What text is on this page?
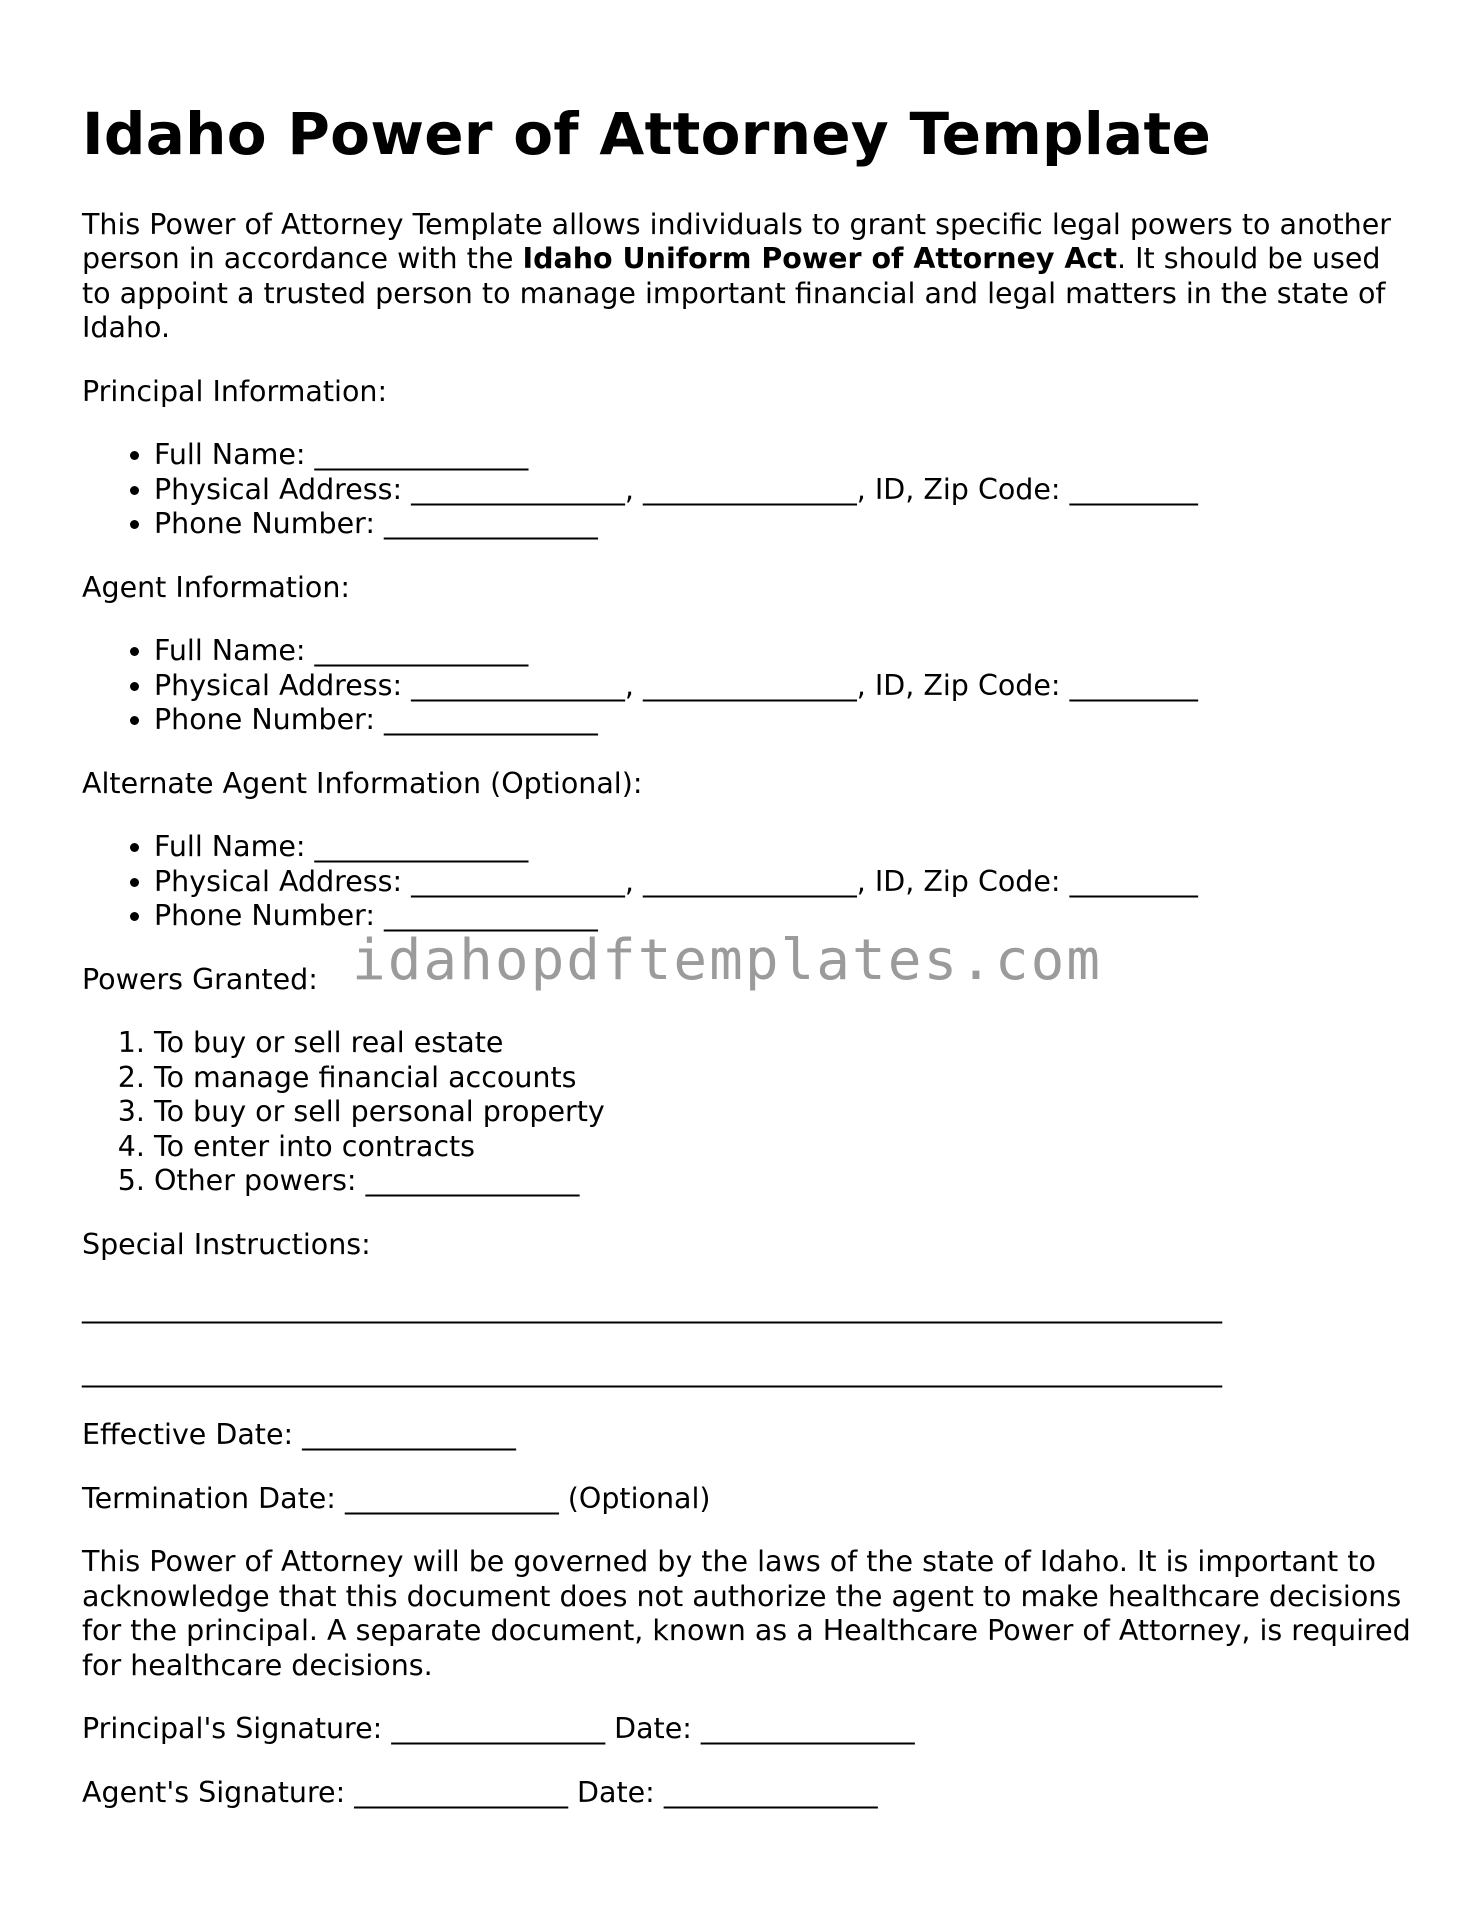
Idaho Power of Attorney Template

This Power of Attorney Template allows individuals to grant specific legal powers to another person in accordance with the Idaho Uniform Power of Attorney Act. It should be used to appoint a trusted person to manage important financial and legal matters in the state of Idaho.

Principal Information:

• Full Name: _______________
• Physical Address: _______________, _______________, ID, Zip Code: _________
• Phone Number: _______________

Agent Information:

• Full Name: _______________
• Physical Address: _______________, _______________, ID, Zip Code: _________
• Phone Number: _______________

Alternate Agent Information (Optional):

• Full Name: _______________
• Physical Address: _______________, _______________, ID, Zip Code: _________
• Phone Number: _______________

Powers Granted:

1. To buy or sell real estate
2. To manage financial accounts
3. To buy or sell personal property
4. To enter into contracts
5. Other powers: _______________

Special Instructions:

________________________________________________________________________________

________________________________________________________________________________

Effective Date: _______________

Termination Date: _______________ (Optional)

This Power of Attorney will be governed by the laws of the state of Idaho. It is important to acknowledge that this document does not authorize the agent to make healthcare decisions for the principal. A separate document, known as a Healthcare Power of Attorney, is required for healthcare decisions.

Principal's Signature: _______________ Date: _______________

Agent's Signature: _______________ Date: _______________

idahopdftemplates.com
